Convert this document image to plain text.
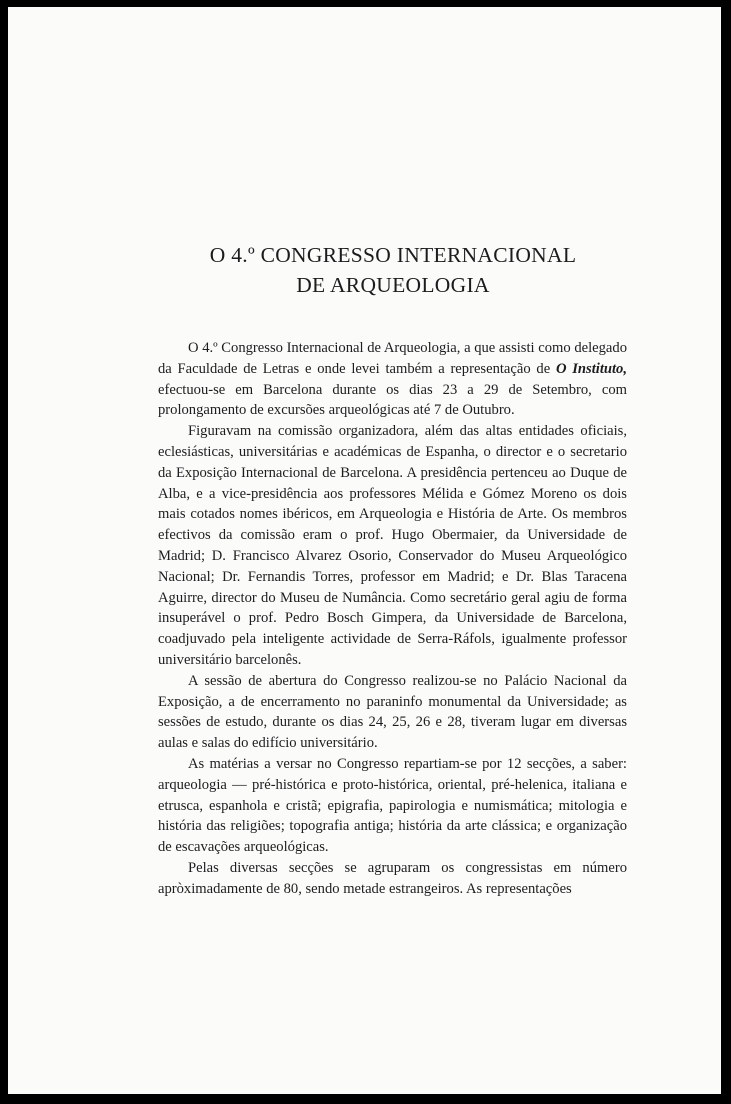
O 4.º CONGRESSO INTERNACIONAL
DE ARQUEOLOGIA

O 4.º Congresso Internacional de Arqueologia, a que assisti como delegado da Faculdade de Letras e onde levei também a representação de O Instituto, efectuou-se em Barcelona durante os dias 23 a 29 de Setembro, com prolongamento de excursões arqueológicas até 7 de Outubro.

Figuravam na comissão organizadora, além das altas entidades oficiais, eclesiásticas, universitárias e académicas de Espanha, o director e o secretario da Exposição Internacional de Barcelona. A presidência pertenceu ao Duque de Alba, e a vice-presidência aos professores Mélida e Gómez Moreno os dois mais cotados nomes ibéricos, em Arqueologia e História de Arte. Os membros efectivos da comissão eram o prof. Hugo Obermaier, da Universidade de Madrid; D. Francisco Alvarez Osorio, Conservador do Museu Arqueológico Nacional; Dr. Fernandis Torres, professor em Madrid; e Dr. Blas Taracena Aguirre, director do Museu de Numância. Como secretário geral agiu de forma insuperável o prof. Pedro Bosch Gimpera, da Universidade de Barcelona, coadjuvado pela inteligente actividade de Serra-Ráfols, igualmente professor universitário barcelonês.

A sessão de abertura do Congresso realizou-se no Palácio Nacional da Exposição, a de encerramento no paraninfo monumental da Universidade; as sessões de estudo, durante os dias 24, 25, 26 e 28, tiveram lugar em diversas aulas e salas do edifício universitário.

As matérias a versar no Congresso repartiam-se por 12 secções, a saber: arqueologia — pré-histórica e proto-histórica, oriental, pré-helenica, italiana e etrusca, espanhola e cristã; epigrafia, papirologia e numismática; mitologia e história das religiões; topografia antiga; história da arte clássica; e organização de escavações arqueológicas.

Pelas diversas secções se agruparam os congressistas em número apròximadamente de 80, sendo metade estrangeiros. As representações
